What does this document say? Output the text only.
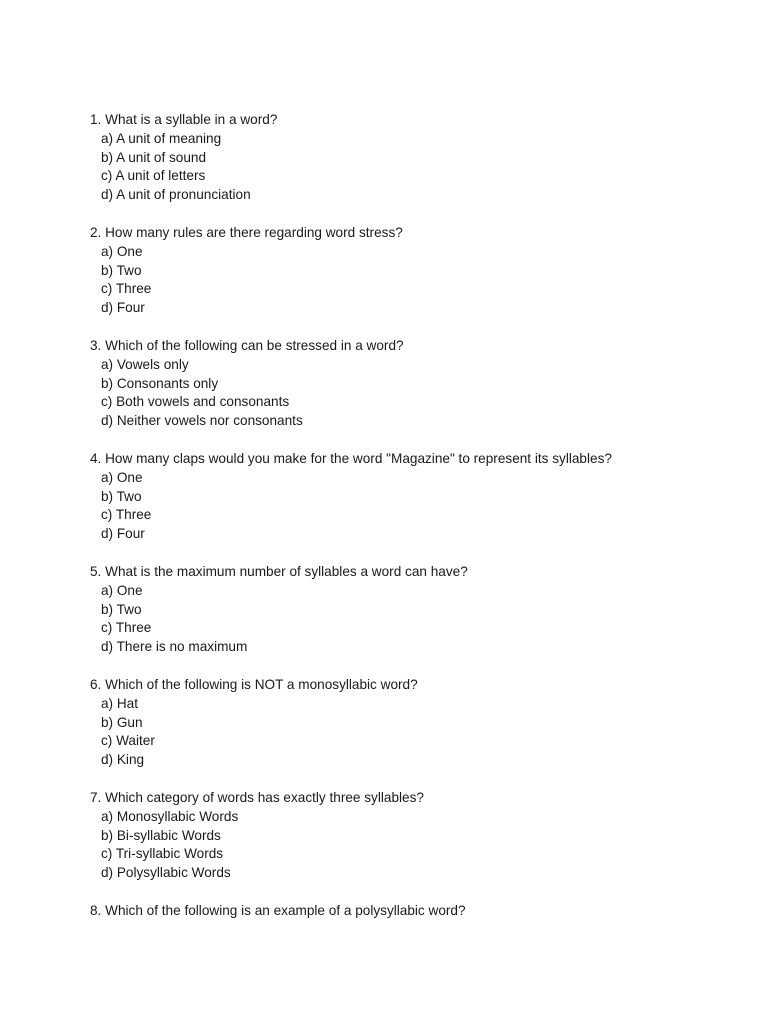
1. What is a syllable in a word?
a) A unit of meaning
b) A unit of sound
c) A unit of letters
d) A unit of pronunciation
2. How many rules are there regarding word stress?
a) One
b) Two
c) Three
d) Four
3. Which of the following can be stressed in a word?
a) Vowels only
b) Consonants only
c) Both vowels and consonants
d) Neither vowels nor consonants
4. How many claps would you make for the word "Magazine" to represent its syllables?
a) One
b) Two
c) Three
d) Four
5. What is the maximum number of syllables a word can have?
a) One
b) Two
c) Three
d) There is no maximum
6. Which of the following is NOT a monosyllabic word?
a) Hat
b) Gun
c) Waiter
d) King
7. Which category of words has exactly three syllables?
a) Monosyllabic Words
b) Bi-syllabic Words
c) Tri-syllabic Words
d) Polysyllabic Words
8. Which of the following is an example of a polysyllabic word?
